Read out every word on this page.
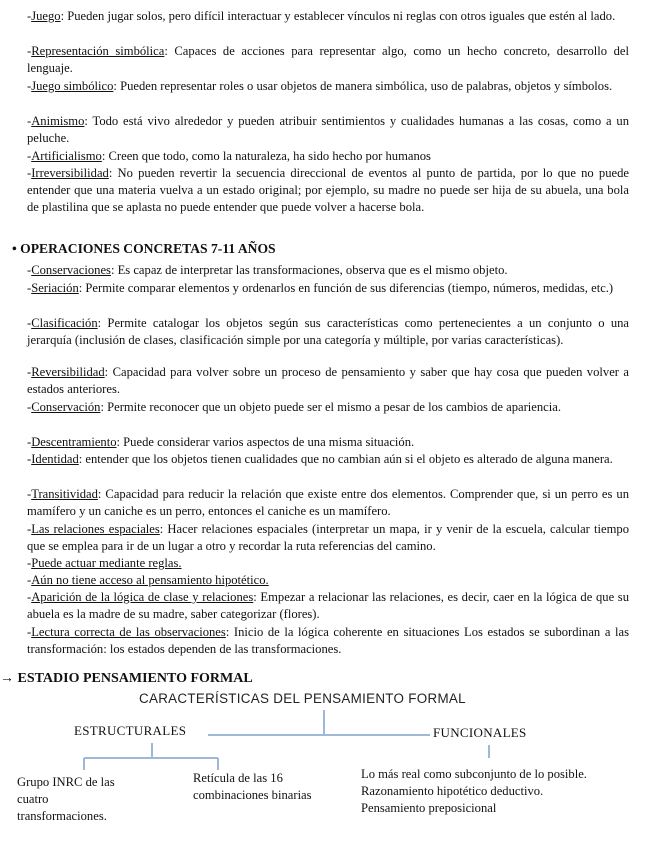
-Juego: Pueden jugar solos, pero difícil interactuar y establecer vínculos ni reglas con otros iguales que estén al lado.
-Representación simbólica: Capaces de acciones para representar algo, como un hecho concreto, desarrollo del lenguaje.
-Juego simbólico: Pueden representar roles o usar objetos de manera simbólica, uso de palabras, objetos y símbolos.
-Animismo: Todo está vivo alrededor y pueden atribuir sentimientos y cualidades humanas a las cosas, como a un peluche.
-Artificialismo: Creen que todo, como la naturaleza, ha sido hecho por humanos
-Irreversibilidad: No pueden revertir la secuencia direccional de eventos al punto de partida, por lo que no puede entender que una materia vuelva a un estado original; por ejemplo, su madre no puede ser hija de su abuela, una bola de plastilina que se aplasta no puede entender que puede volver a hacerse bola.
• OPERACIONES CONCRETAS 7-11 AÑOS
-Conservaciones: Es capaz de interpretar las transformaciones, observa que es el mismo objeto.
-Seriación: Permite comparar elementos y ordenarlos en función de sus diferencias (tiempo, números, medidas, etc.)
-Clasificación: Permite catalogar los objetos según sus características como pertenecientes a un conjunto o una jerarquía (inclusión de clases, clasificación simple por una categoría y múltiple, por varias características).
-Reversibilidad: Capacidad para volver sobre un proceso de pensamiento y saber que hay cosa que pueden volver a estados anteriores.
-Conservación: Permite reconocer que un objeto puede ser el mismo a pesar de los cambios de apariencia.
-Descentramiento: Puede considerar varios aspectos de una misma situación.
-Identidad: entender que los objetos tienen cualidades que no cambian aún si el objeto es alterado de alguna manera.
-Transitividad: Capacidad para reducir la relación que existe entre dos elementos. Comprender que, si un perro es un mamífero y un caniche es un perro, entonces el caniche es un mamífero.
-Las relaciones espaciales: Hacer relaciones espaciales (interpretar un mapa, ir y venir de la escuela, calcular tiempo que se emplea para ir de un lugar a otro y recordar la ruta referencias del camino.
-Puede actuar mediante reglas.
-Aún no tiene acceso al pensamiento hipotético.
-Aparición de la lógica de clase y relaciones: Empezar a relacionar las relaciones, es decir, caer en la lógica de que su abuela es la madre de su madre, saber categorizar (flores).
-Lectura correcta de las observaciones: Inicio de la lógica coherente en situaciones Los estados se subordinan a las transformación: los estados dependen de las transformaciones.
→ ESTADIO PENSAMIENTO FORMAL
CARACTERÍSTICAS DEL PENSAMIENTO FORMAL
ESTRUCTURALES	FUNCIONALES
Grupo INRC de las cuatro transformaciones.
Retícula de las 16 combinaciones binarias
Lo más real como subconjunto de lo posible.
Razonamiento hipotético deductivo.
Pensamiento preposicional
